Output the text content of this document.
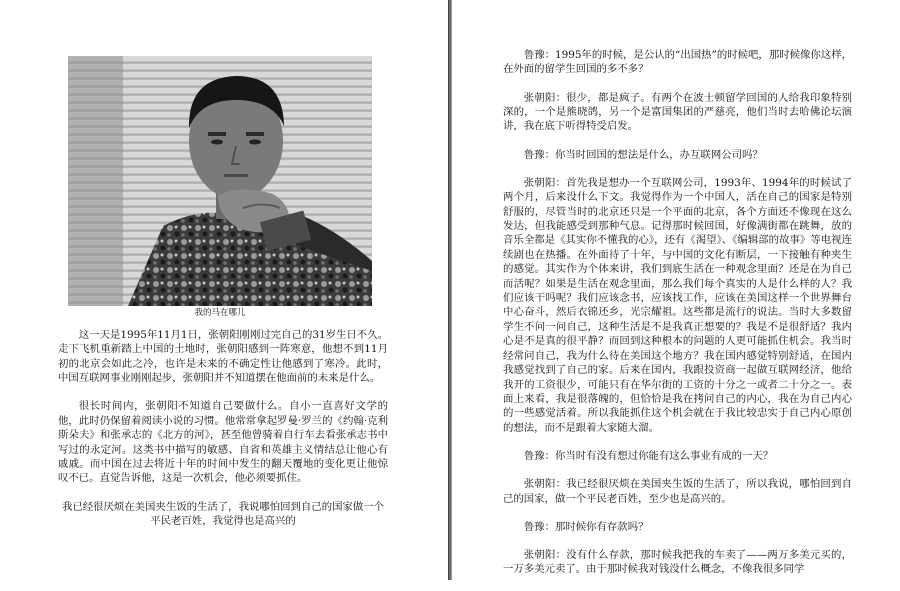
我的马在哪儿

这一天是1995年11月1日，张朝阳刚刚过完自己的31岁生日不久。走下飞机重新踏上中国的土地时，张朝阳感到一阵寒意，他想不到11月初的北京会如此之冷，也许是未来的不确定性让他感到了寒冷。此时，中国互联网事业刚刚起步，张朝阳并不知道摆在他面前的未来是什么。

很长时间内，张朝阳不知道自己要做什么。自小一直喜好文学的他，此时仍保留着阅读小说的习惯。他常常拿起罗曼·罗兰的《约翰·克利斯朵夫》和张承志的《北方的河》，甚至他曾骑着自行车去看张承志书中写过的永定河。这类书中描写的敏感、自省和英雄主义情结总让他心有戚戚。而中国在过去将近十年的时间中发生的翻天覆地的变化更让他惊叹不已。直觉告诉他，这是一次机会，他必须要抓住。

我已经很厌烦在美国夹生饭的生活了，我说哪怕回到自己的国家做一个平民老百姓，我觉得也是高兴的

鲁豫：1995年的时候，是公认的“出国热”的时候吧，那时候像你这样，在外面的留学生回国的多不多？

张朝阳：很少，都是疯子。有两个在波士顿留学回国的人给我印象特别深的，一个是熊晓鸽，另一个是富国集团的严慈亮，他们当时去哈佛论坛演讲，我在底下听得特受启发。

鲁豫：你当时回国的想法是什么，办互联网公司吗？

张朝阳：首先我是想办一个互联网公司，1993年、1994年的时候试了两个月，后来没什么下文。我觉得作为一个中国人，活在自己的国家是特别舒服的，尽管当时的北京还只是一个平面的北京，各个方面还不像现在这么发达，但我能感受到那种气息。记得那时候回国，好像满街都在跳舞，放的音乐全都是《其实你不懂我的心》，还有《渴望》、《编辑部的故事》等电视连续剧也在热播。在外面待了十年，与中国的文化有断层，一下接触有种夹生的感觉。其实作为个体来讲，我们到底生活在一种观念里面？还是在为自己而活呢？如果是生活在观念里面，那么我们每个真实的人是什么样的人？我们应该干吗呢？我们应该念书，应该找工作，应该在美国这样一个世界舞台中心奋斗，然后衣锦还乡，光宗耀祖。这些都是流行的说法。当时大多数留学生不问一问自己，这种生活是不是我真正想要的？我是不是很舒适？我内心是不是真的很平静？而回到这种根本的问题的人更可能抓住机会。我当时经常问自己，我为什么待在美国这个地方？我在国内感觉特别舒适，在国内我感觉找到了自己的家。后来在国内，我跟投资商一起做互联网经济，他给我开的工资很少，可能只有在华尔街的工资的十分之一或者二十分之一。表面上来看，我是很落魄的，但恰恰是我在拷问自己的内心，我在为自己内心的一些感觉活着。所以我能抓住这个机会就在于我比较忠实于自己内心原创的想法，而不是跟着大家随大溜。

鲁豫：你当时有没有想过你能有这么事业有成的一天？

张朝阳：我已经很厌烦在美国夹生饭的生活了，所以我说，哪怕回到自己的国家，做一个平民老百姓，至少也是高兴的。

鲁豫：那时候你有存款吗？

张朝阳：没有什么存款，那时候我把我的车卖了——两万多美元买的，一万多美元卖了。由于那时候我对钱没什么概念，不像我很多同学
